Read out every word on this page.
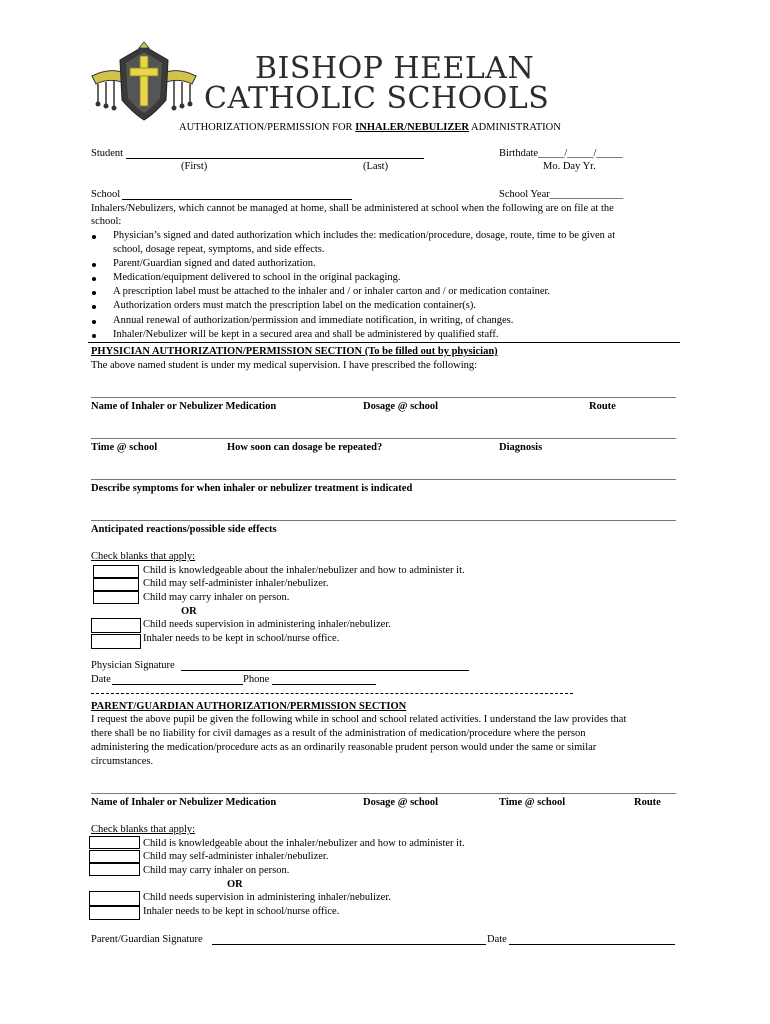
BISHOP HEELAN
CATHOLIC SCHOOLS
AUTHORIZATION/PERMISSION FOR INHALER/NEBULIZER ADMINISTRATION
Student
(First)	(Last)
Birthdate_____/_____/_____
Mo. Day Yr.
School	School Year______________
Inhalers/Nebulizers, which cannot be managed at home, shall be administered at school when the following are on file at the
school:
Physician’s signed and dated authorization which includes the: medication/procedure, dosage, route, time to be given at
school, dosage repeat, symptoms, and side effects.
Parent/Guardian signed and dated authorization.
Medication/equipment delivered to school in the original packaging.
A prescription label must be attached to the inhaler and / or inhaler carton and / or medication container.
Authorization orders must match the prescription label on the medication container(s).
Annual renewal of authorization/permission and immediate notification, in writing, of changes.
Inhaler/Nebulizer will be kept in a secured area and shall be administered by qualified staff.
PHYSICIAN AUTHORIZATION/PERMISSION SECTION (To be filled out by physician)
The above named student is under my medical supervision. I have prescribed the following:
Name of Inhaler or Nebulizer Medication	Dosage @ school	Route
Time @ school	How soon can dosage be repeated?	Diagnosis
Describe symptoms for when inhaler or nebulizer treatment is indicated
Anticipated reactions/possible side effects
Check blanks that apply:
Child is knowledgeable about the inhaler/nebulizer and how to administer it.
Child may self-administer inhaler/nebulizer.
Child may carry inhaler on person.
OR
Child needs supervision in administering inhaler/nebulizer.
Inhaler needs to be kept in school/nurse office.
Physician Signature
Date	Phone
PARENT/GUARDIAN AUTHORIZATION/PERMISSION SECTION
I request the above pupil be given the following while in school and school related activities. I understand the law provides that
there shall be no liability for civil damages as a result of the administration of medication/procedure where the person
administering the medication/procedure acts as an ordinarily reasonable prudent person would under the same or similar
circumstances.
Name of Inhaler or Nebulizer Medication	Dosage @ school	Time @ school	Route
Check blanks that apply:
Child is knowledgeable about the inhaler/nebulizer and how to administer it.
Child may self-administer inhaler/nebulizer.
Child may carry inhaler on person.
OR
Child needs supervision in administering inhaler/nebulizer.
Inhaler needs to be kept in school/nurse office.
Parent/Guardian Signature	Date
